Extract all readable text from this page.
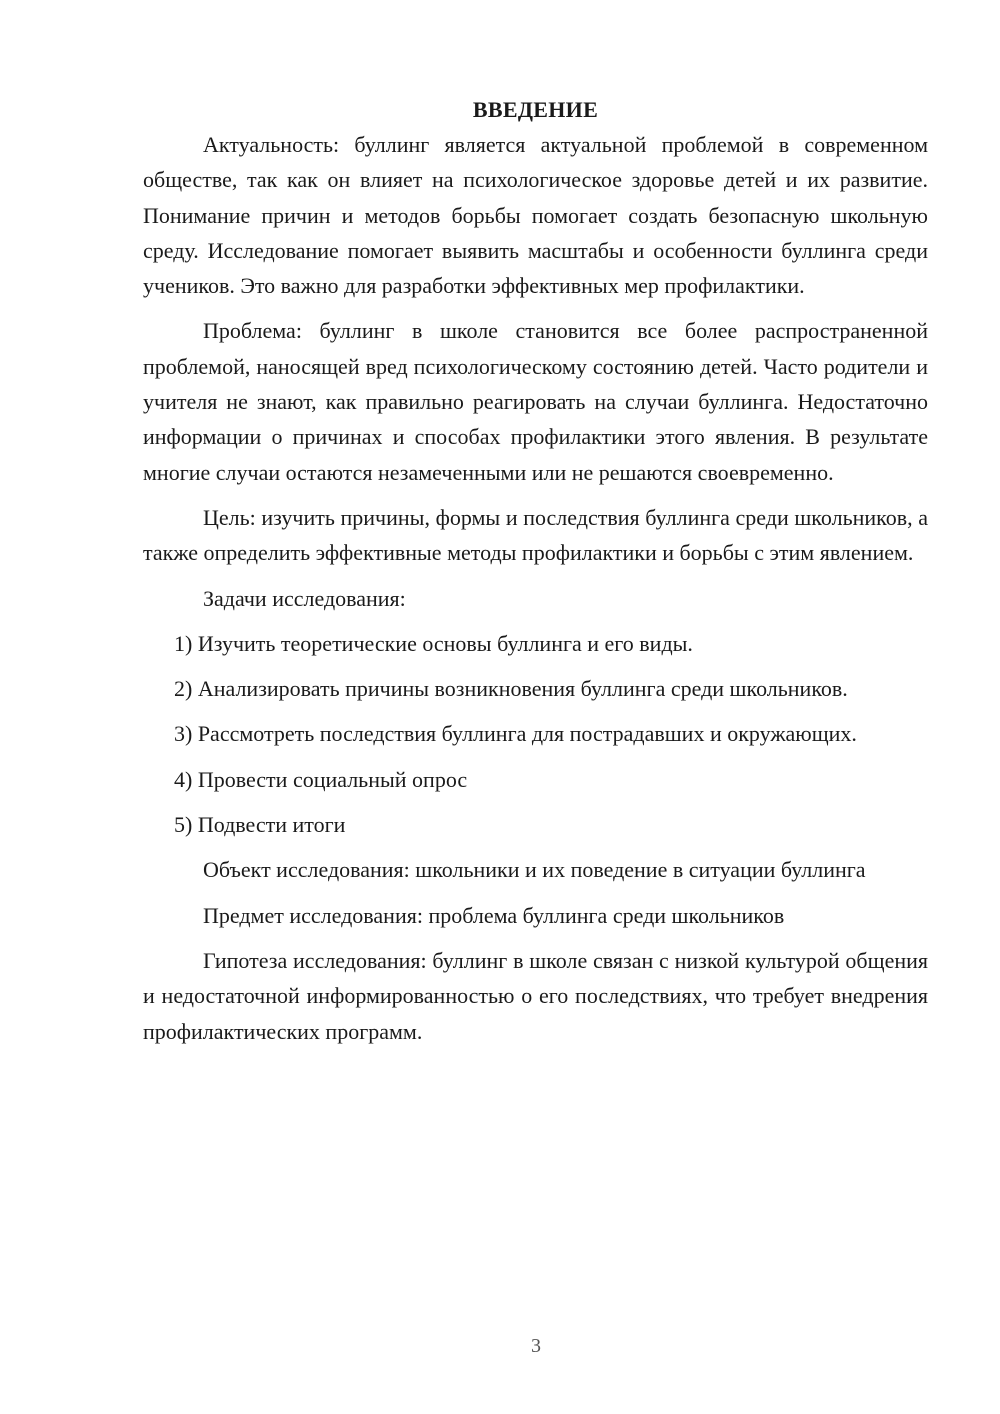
ВВЕДЕНИЕ

Актуальность: буллинг является актуальной проблемой в современном обществе, так как он влияет на психологическое здоровье детей и их развитие. Понимание причин и методов борьбы помогает создать безопасную школьную среду. Исследование помогает выявить масштабы и особенности буллинга среди учеников. Это важно для разработки эффективных мер профилактики.

Проблема: буллинг в школе становится все более распространенной проблемой, наносящей вред психологическому состоянию детей. Часто родители и учителя не знают, как правильно реагировать на случаи буллинга. Недостаточно информации о причинах и способах профилактики этого явления. В результате многие случаи остаются незамеченными или не решаются своевременно.

Цель: изучить причины, формы и последствия буллинга среди школьников, а также определить эффективные методы профилактики и борьбы с этим явлением.

Задачи исследования:

1) Изучить теоретические основы буллинга и его виды.

2) Анализировать причины возникновения буллинга среди школьников.

3) Рассмотреть последствия буллинга для пострадавших и окружающих.

4) Провести социальный опрос

5) Подвести итоги

Объект исследования: школьники и их поведение в ситуации буллинга

Предмет исследования: проблема буллинга среди школьников

Гипотеза исследования: буллинг в школе связан с низкой культурой общения и недостаточной информированностью о его последствиях, что требует внедрения профилактических программ.

3
